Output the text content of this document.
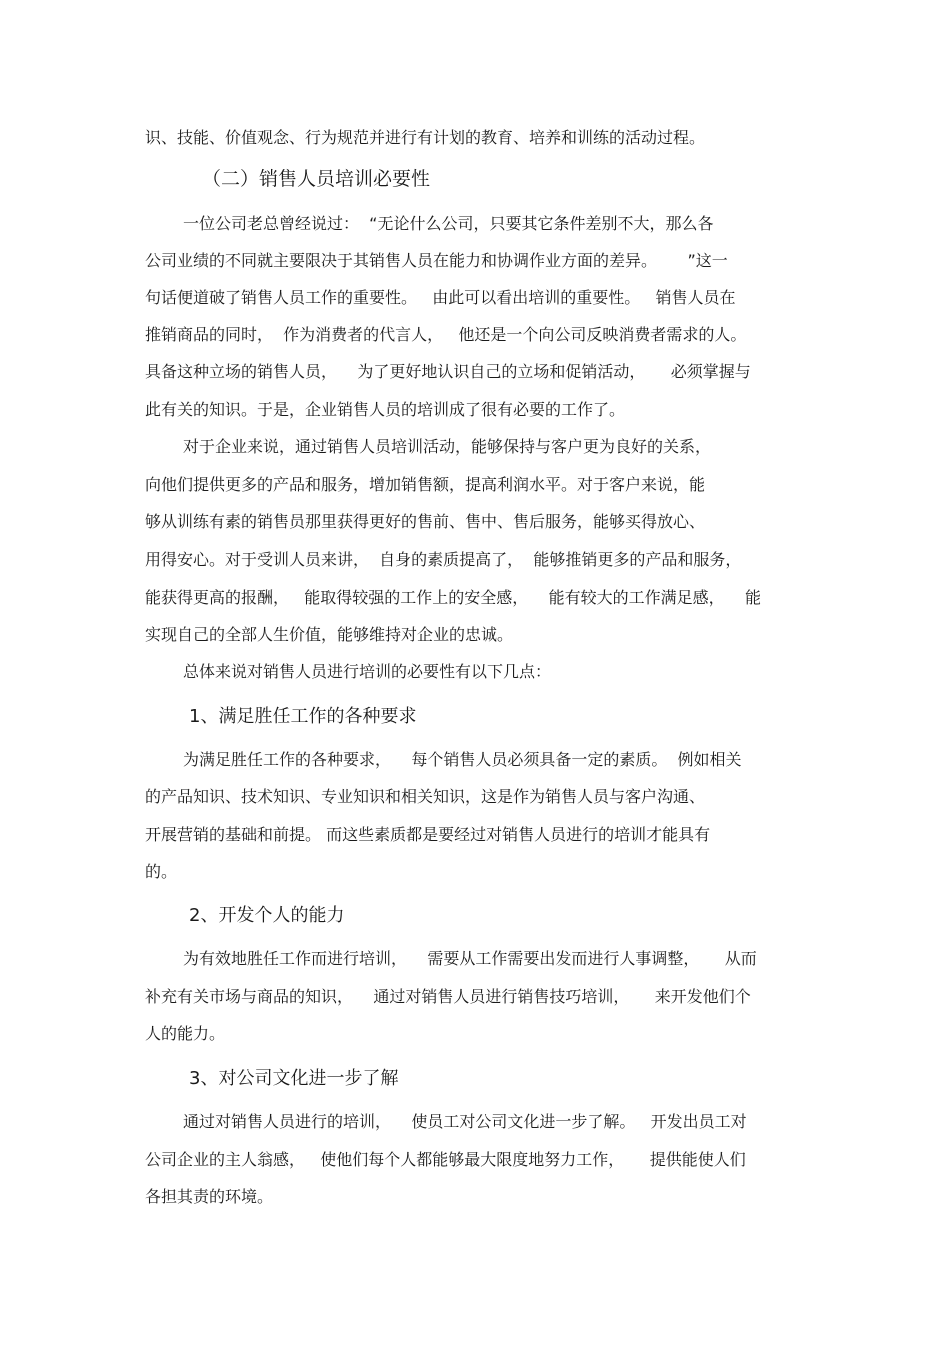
识、技能、价值观念、行为规范并进行有计划的教育、培养和训练的活动过程。
（二）销售人员培训必要性
一位公司老总曾经说过：  “无论什么公司，只要其它条件差别不大，那么各
公司业绩的不同就主要限决于其销售人员在能力和协调作业方面的差异。      ”这一
句话便道破了销售人员工作的重要性。   由此可以看出培训的重要性。   销售人员在
推销商品的同时，  作为消费者的代言人，   他还是一个向公司反映消费者需求的人。
具备这种立场的销售人员，    为了更好地认识自己的立场和促销活动，     必须掌握与
此有关的知识。于是，企业销售人员的培训成了很有必要的工作了。
对于企业来说，通过销售人员培训活动，能够保持与客户更为良好的关系，
向他们提供更多的产品和服务，增加销售额，提高利润水平。对于客户来说，能
够从训练有素的销售员那里获得更好的售前、售中、售后服务，能够买得放心、
用得安心。对于受训人员来讲，  自身的素质提高了，  能够推销更多的产品和服务，
能获得更高的报酬，   能取得较强的工作上的安全感，    能有较大的工作满足感，    能
实现自己的全部人生价值，能够维持对企业的忠诚。
总体来说对销售人员进行培训的必要性有以下几点：
1、满足胜任工作的各种要求
为满足胜任工作的各种要求，    每个销售人员必须具备一定的素质。  例如相关
的产品知识、技术知识、专业知识和相关知识，这是作为销售人员与客户沟通、
开展营销的基础和前提。 而这些素质都是要经过对销售人员进行的培训才能具有
的。
2、开发个人的能力
为有效地胜任工作而进行培训，    需要从工作需要出发而进行人事调整，     从而
补充有关市场与商品的知识，    通过对销售人员进行销售技巧培训，     来开发他们个
人的能力。
3、对公司文化进一步了解
通过对销售人员进行的培训，    使员工对公司文化进一步了解。   开发出员工对
公司企业的主人翁感，   使他们每个人都能够最大限度地努力工作，     提供能使人们
各担其责的环境。
